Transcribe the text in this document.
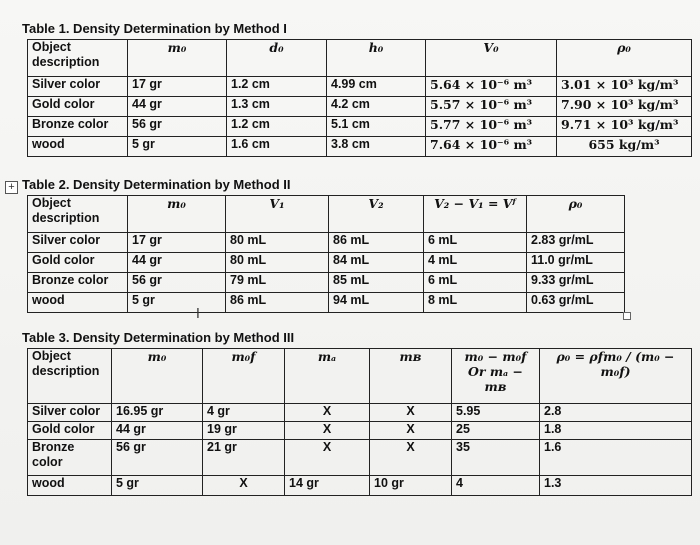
Table 1. Density Determination by Method I
Object description	m₀	d₀	h₀	V₀	ρ₀
Silver color	17 gr	1.2 cm	4.99 cm	5.64 × 10⁻⁶ m³	3.01 × 10³ kg/m³
Gold color	44 gr	1.3 cm	4.2 cm	5.57 × 10⁻⁶ m³	7.90 × 10³ kg/m³
Bronze color	56 gr	1.2 cm	5.1 cm	5.77 × 10⁻⁶ m³	9.71 × 10³ kg/m³
wood	5 gr	1.6 cm	3.8 cm	7.64 × 10⁻⁶ m³	655 kg/m³
+ Table 2. Density Determination by Method II
Object description	m₀	V₁	V₂	V₂ − V₁ = Vᶠ	ρ₀
Silver color	17 gr	80 mL	86 mL	6 mL	2.83 gr/mL
Gold color	44 gr	80 mL	84 mL	4 mL	11.0 gr/mL
Bronze color	56 gr	79 mL	85 mL	6 mL	9.33 gr/mL
wood	5 gr	86 mL	94 mL	8 mL	0.63 gr/mL
I
Table 3. Density Determination by Method III
Object description	m₀	m₀f	mₐ	mʙ	m₀ − m₀f Or mₐ − mʙ	ρ₀ = ρfm₀ / (m₀ − m₀f)
Silver color	16.95 gr	4 gr	X	X	5.95	2.8
Gold color	44 gr	19 gr	X	X	25	1.8
Bronze color	56 gr	21 gr	X	X	35	1.6
wood	5 gr	X	14 gr	10 gr	4	1.3
